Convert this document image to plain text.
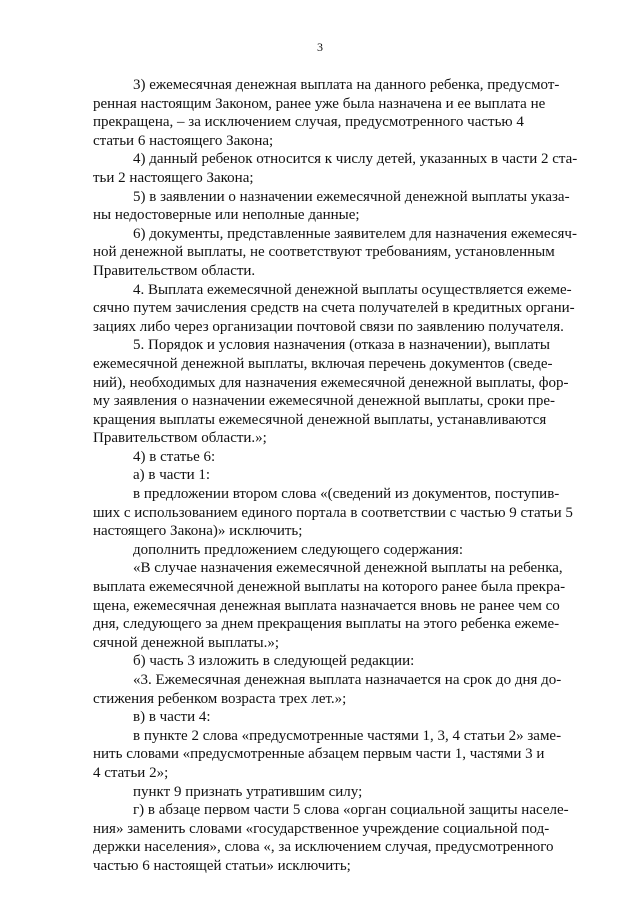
3

3) ежемесячная денежная выплата на данного ребенка, предусмот-
ренная настоящим Законом, ранее уже была назначена и ее выплата не
прекращена, – за исключением случая, предусмотренного частью 4
статьи 6 настоящего Закона;

4) данный ребенок относится к числу детей, указанных в части 2 ста-
тьи 2 настоящего Закона;

5) в заявлении о назначении ежемесячной денежной выплаты указа-
ны недостоверные или неполные данные;

6) документы, представленные заявителем для назначения ежемесяч-
ной денежной выплаты, не соответствуют требованиям, установленным
Правительством области.

4. Выплата ежемесячной денежной выплаты осуществляется ежеме-
сячно путем зачисления средств на счета получателей в кредитных органи-
зациях либо через организации почтовой связи по заявлению получателя.

5. Порядок и условия назначения (отказа в назначении), выплаты
ежемесячной денежной выплаты, включая перечень документов (сведе-
ний), необходимых для назначения ежемесячной денежной выплаты, фор-
му заявления о назначении ежемесячной денежной выплаты, сроки пре-
кращения выплаты ежемесячной денежной выплаты, устанавливаются
Правительством области.»;

4) в статье 6:

а) в части 1:

в предложении втором слова «(сведений из документов, поступив-
ших с использованием единого портала в соответствии с частью 9 статьи 5
настоящего Закона)» исключить;

дополнить предложением следующего содержания:

«В случае назначения ежемесячной денежной выплаты на ребенка,
выплата ежемесячной денежной выплаты на которого ранее была прекра-
щена, ежемесячная денежная выплата назначается вновь не ранее чем со
дня, следующего за днем прекращения выплаты на этого ребенка ежеме-
сячной денежной выплаты.»;

б) часть 3 изложить в следующей редакции:

«3. Ежемесячная денежная выплата назначается на срок до дня до-
стижения ребенком возраста трех лет.»;

в) в части 4:

в пункте 2 слова «предусмотренные частями 1, 3, 4 статьи 2» заме-
нить словами «предусмотренные абзацем первым части 1, частями 3 и
4 статьи 2»;

пункт 9 признать утратившим силу;

г) в абзаце первом части 5 слова «орган социальной защиты населе-
ния» заменить словами «государственное учреждение социальной под-
держки населения», слова «, за исключением случая, предусмотренного
частью 6 настоящей статьи» исключить;
